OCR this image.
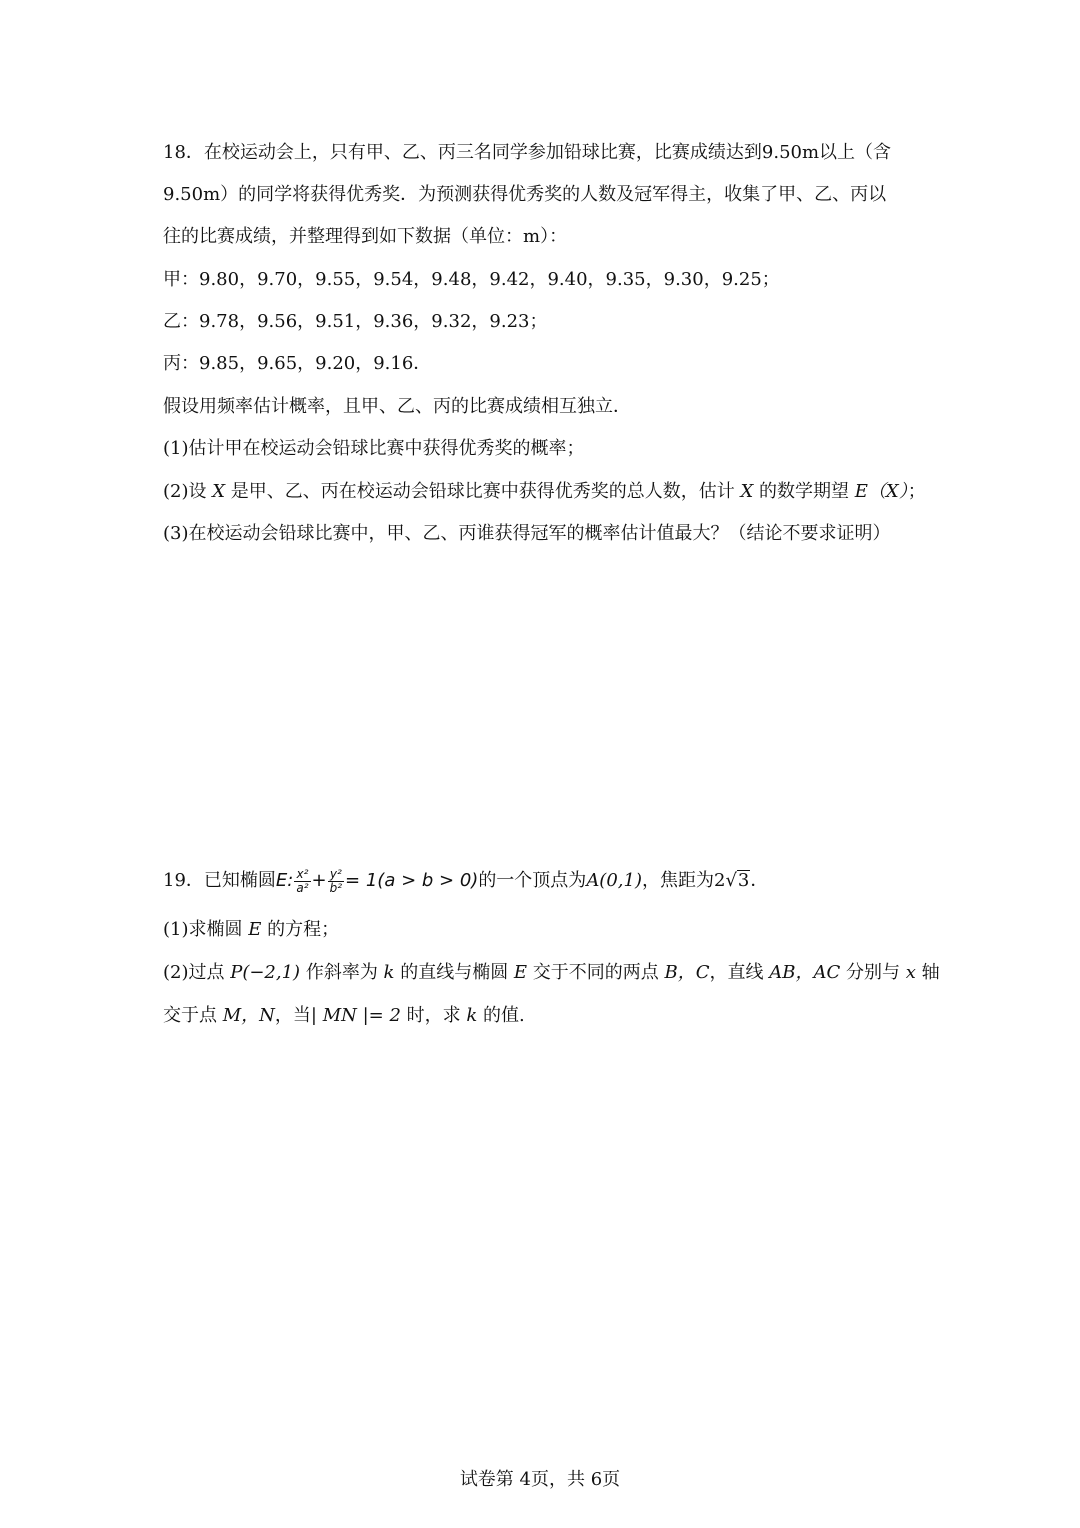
18．在校运动会上，只有甲、乙、丙三名同学参加铅球比赛，比赛成绩达到9.50m以上（含
9.50m）的同学将获得优秀奖．为预测获得优秀奖的人数及冠军得主，收集了甲、乙、丙以
往的比赛成绩，并整理得到如下数据（单位：m）：
甲：9.80，9.70，9.55，9.54，9.48，9.42，9.40，9.35，9.30，9.25；
乙：9.78，9.56，9.51，9.36，9.32，9.23；
丙：9.85，9.65，9.20，9.16．
假设用频率估计概率，且甲、乙、丙的比赛成绩相互独立．
(1)估计甲在校运动会铅球比赛中获得优秀奖的概率；
(2)设 X 是甲、乙、丙在校运动会铅球比赛中获得优秀奖的总人数，估计 X 的数学期望 E（X）；
(3)在校运动会铅球比赛中，甲、乙、丙谁获得冠军的概率估计值最大？（结论不要求证明）
19．已知椭圆E: $\frac{\text{x²}}{\text{a²}} + \frac{\text{y²}}{\text{b²}} = 1(a > b > 0)$的一个顶点为A(0,1)，焦距为2√3．
(1)求椭圆 E 的方程；
(2)过点 P(−2,1) 作斜率为 k 的直线与椭圆 E 交于不同的两点 B，C，直线 AB，AC 分别与 x 轴
交于点 M，N，当| MN |= 2 时，求 k 的值.
试卷第 4页，共 6页
